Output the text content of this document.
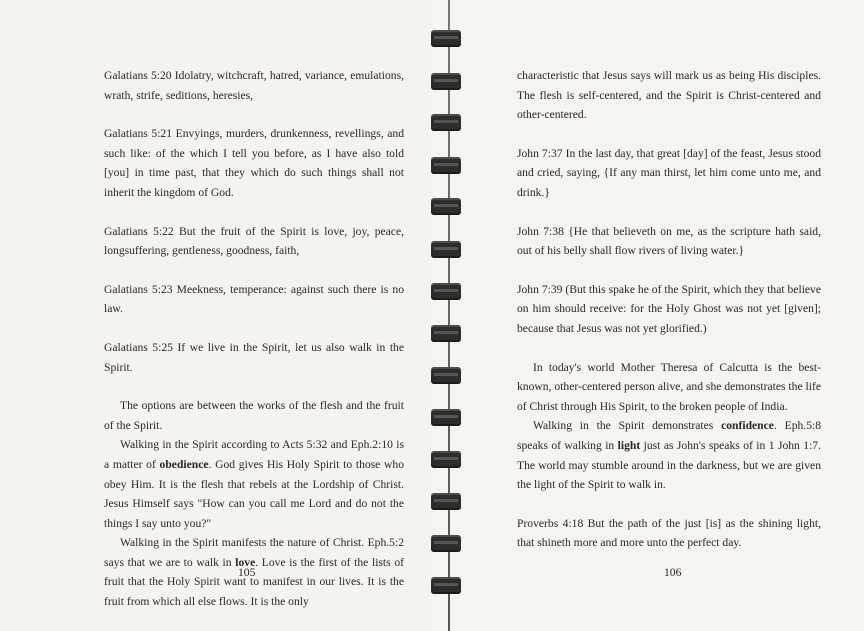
Galatians 5:20 Idolatry, witchcraft, hatred, variance, emulations, wrath, strife, seditions, heresies,

Galatians 5:21 Envyings, murders, drunkenness, revellings, and such like: of the which I tell you before, as I have also told [you] in time past, that they which do such things shall not inherit the kingdom of God.

Galatians 5:22 But the fruit of the Spirit is love, joy, peace, longsuffering, gentleness, goodness, faith,

Galatians 5:23 Meekness, temperance: against such there is no law.

Galatians 5:25 If we live in the Spirit, let us also walk in the Spirit.

The options are between the works of the flesh and the fruit of the Spirit.

Walking in the Spirit according to Acts 5:32 and Eph.2:10 is a matter of obedience. God gives His Holy Spirit to those who obey Him. It is the flesh that rebels at the Lordship of Christ. Jesus Himself says "How can you call me Lord and do not the things I say unto you?"

Walking in the Spirit manifests the nature of Christ. Eph.5:2 says that we are to walk in love. Love is the first of the lists of fruit that the Holy Spirit want to manifest in our lives. It is the fruit from which all else flows. It is the only

characteristic that Jesus says will mark us as being His disciples. The flesh is self-centered, and the Spirit is Christ-centered and other-centered.

John 7:37 In the last day, that great [day] of the feast, Jesus stood and cried, saying, {If any man thirst, let him come unto me, and drink.}

John 7:38 {He that believeth on me, as the scripture hath said, out of his belly shall flow rivers of living water.}

John 7:39 (But this spake he of the Spirit, which they that believe on him should receive: for the Holy Ghost was not yet [given]; because that Jesus was not yet glorified.)

In today's world Mother Theresa of Calcutta is the best-known, other-centered person alive, and she demonstrates the life of Christ through His Spirit, to the broken people of India.

Walking in the Spirit demonstrates confidence. Eph.5:8 speaks of walking in light just as John's speaks of in 1 John 1:7. The world may stumble around in the darkness, but we are given the light of the Spirit to walk in.

Proverbs 4:18 But the path of the just [is] as the shining light, that shineth more and more unto the perfect day.

105	106
